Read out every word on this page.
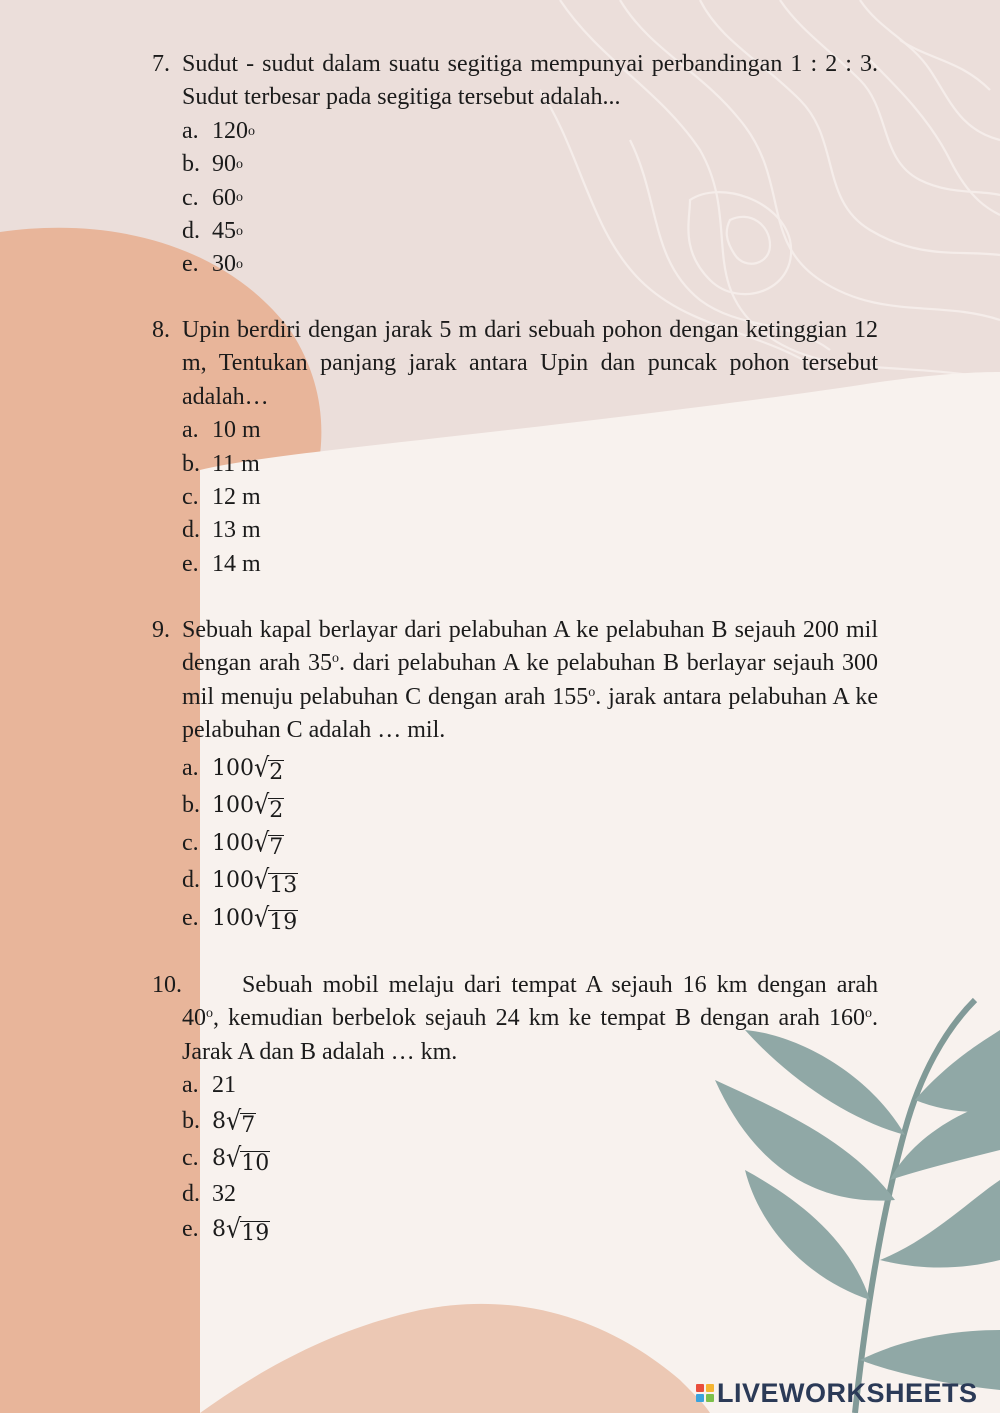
7. Sudut - sudut dalam suatu segitiga mempunyai perbandingan 1 : 2 : 3. Sudut terbesar pada segitiga tersebut adalah...
a. 120 o
b. 90 o
c. 60 o
d. 45 o
e. 30 o
8. Upin berdiri dengan jarak 5 m dari sebuah pohon dengan ketinggian 12 m, Tentukan panjang jarak antara Upin dan puncak pohon tersebut adalah…
a. 10 m
b. 11 m
c. 12 m
d. 13 m
e. 14 m
9. Sebuah kapal berlayar dari pelabuhan A ke pelabuhan B sejauh 200 mil dengan arah 35$^o$. dari pelabuhan A ke pelabuhan B berlayar sejauh 300 mil menuju pelabuhan C dengan arah 155$^o$. jarak antara pelabuhan A ke pelabuhan C adalah … mil.
a. 100 √ 2
b. 100 √ 2
c. 100 √ 7
d. 100 √ 13
e. 100 √ 19
10.	Sebuah mobil melaju dari tempat A sejauh 16 km dengan arah 40$^o$, kemudian berbelok sejauh 24 km ke tempat B dengan arah 160$^o$. Jarak A dan B adalah … km.
a. 21
b. 8 √ 7
c. 8 √ 10
d. 32
e. 8 √ 19
LIVEWORKSHEETS
